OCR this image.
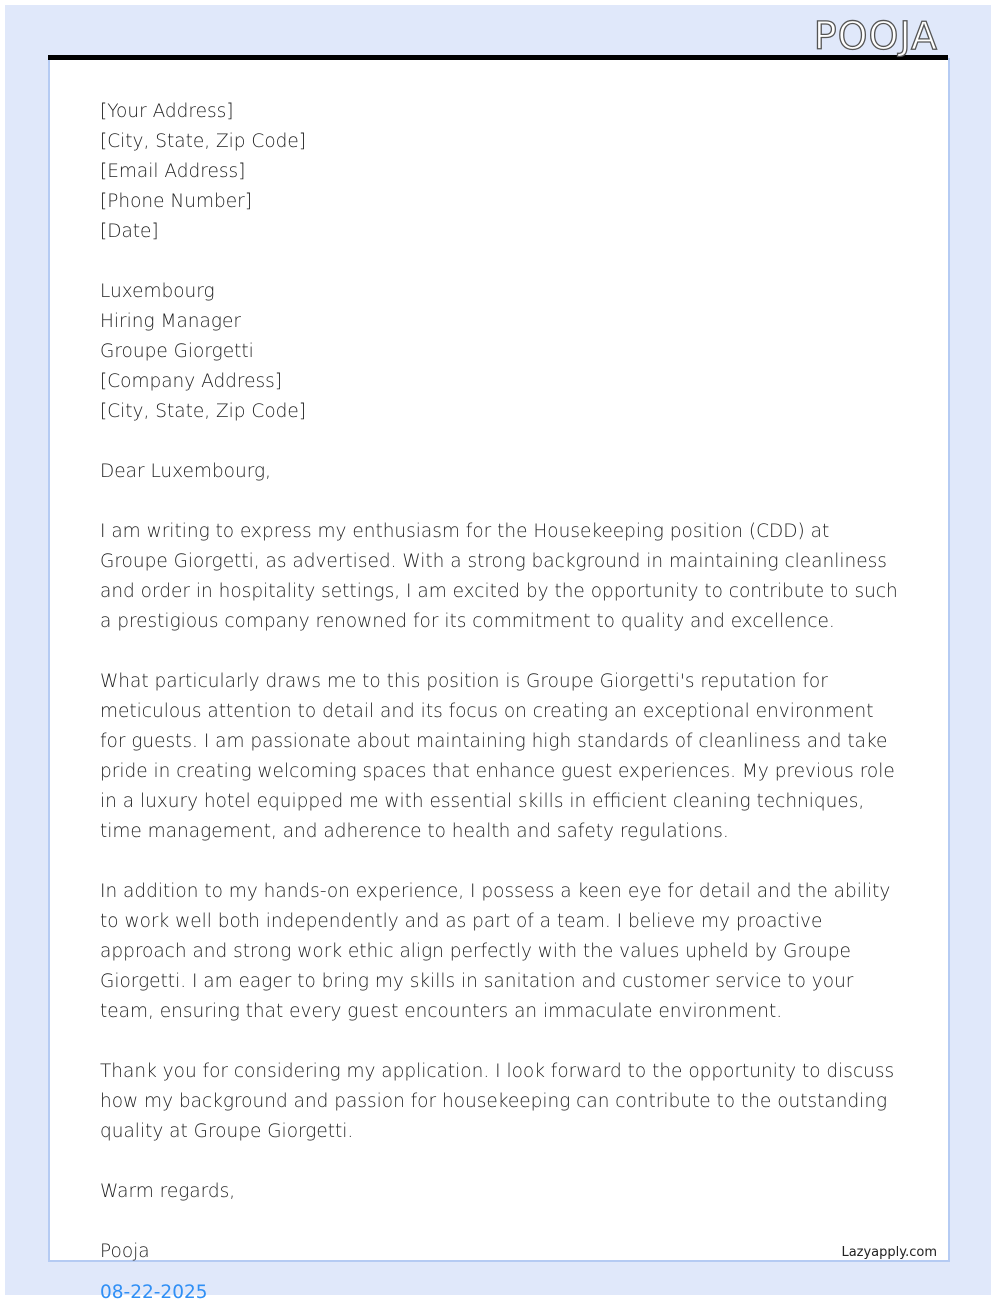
POOJA

[Your Address]
[City, State, Zip Code]
[Email Address]
[Phone Number]
[Date]

Luxembourg
Hiring Manager
Groupe Giorgetti
[Company Address]
[City, State, Zip Code]

Dear Luxembourg,

I am writing to express my enthusiasm for the Housekeeping position (CDD) at Groupe Giorgetti, as advertised. With a strong background in maintaining cleanliness and order in hospitality settings, I am excited by the opportunity to contribute to such a prestigious company renowned for its commitment to quality and excellence.

What particularly draws me to this position is Groupe Giorgetti's reputation for meticulous attention to detail and its focus on creating an exceptional environment for guests. I am passionate about maintaining high standards of cleanliness and take pride in creating welcoming spaces that enhance guest experiences. My previous role in a luxury hotel equipped me with essential skills in efficient cleaning techniques, time management, and adherence to health and safety regulations.

In addition to my hands-on experience, I possess a keen eye for detail and the ability to work well both independently and as part of a team. I believe my proactive approach and strong work ethic align perfectly with the values upheld by Groupe Giorgetti. I am eager to bring my skills in sanitation and customer service to your team, ensuring that every guest encounters an immaculate environment.

Thank you for considering my application. I look forward to the opportunity to discuss how my background and passion for housekeeping can contribute to the outstanding quality at Groupe Giorgetti.

Warm regards,

Pooja

08-22-2025
Lazyapply.com
